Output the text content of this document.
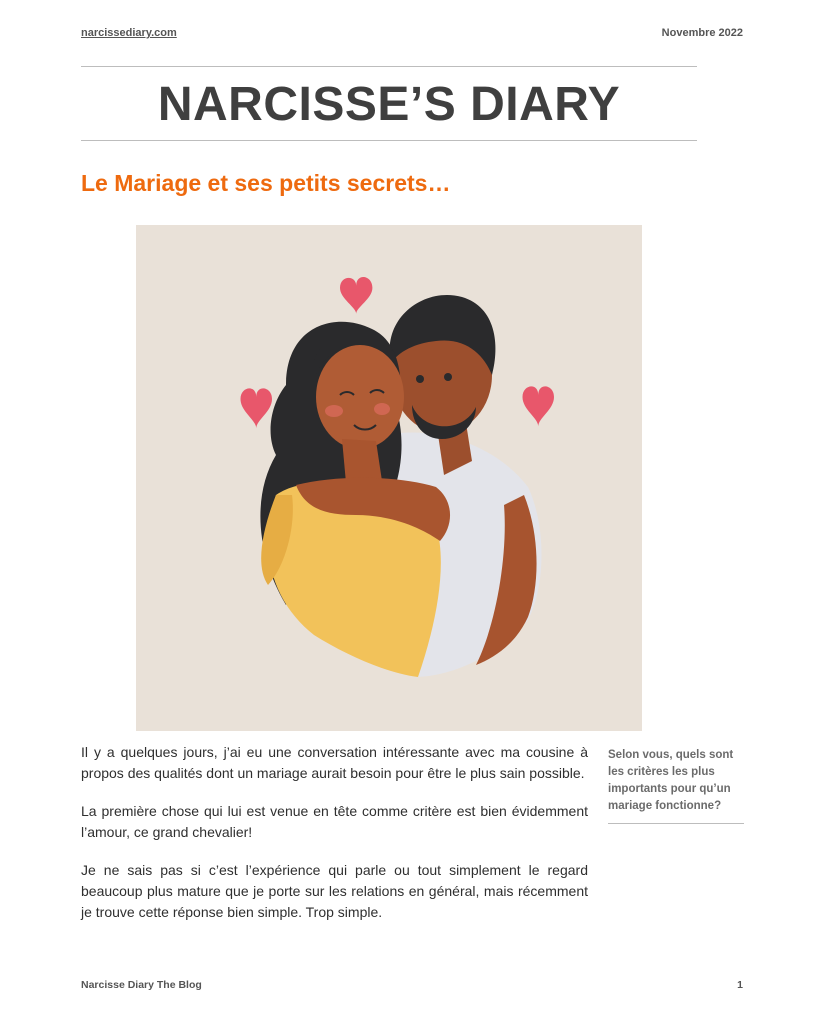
narcissediary.com	Novembre 2022
NARCISSE’S DIARY
Le Mariage et ses petits secrets…

Il y a quelques jours, j’ai eu une conversation intéressante avec ma cousine à propos des qualités dont un mariage aurait besoin pour être le plus sain possible.

La première chose qui lui est venue en tête comme critère est bien évidemment l’amour, ce grand chevalier!

Je ne sais pas si c’est l’expérience qui parle ou tout simplement le regard beaucoup plus mature que je porte sur les relations en général, mais récemment je trouve cette réponse bien simple. Trop simple.

Selon vous, quels sont les critères les plus importants pour qu’un mariage fonctionne?
Narcisse Diary The Blog	1
